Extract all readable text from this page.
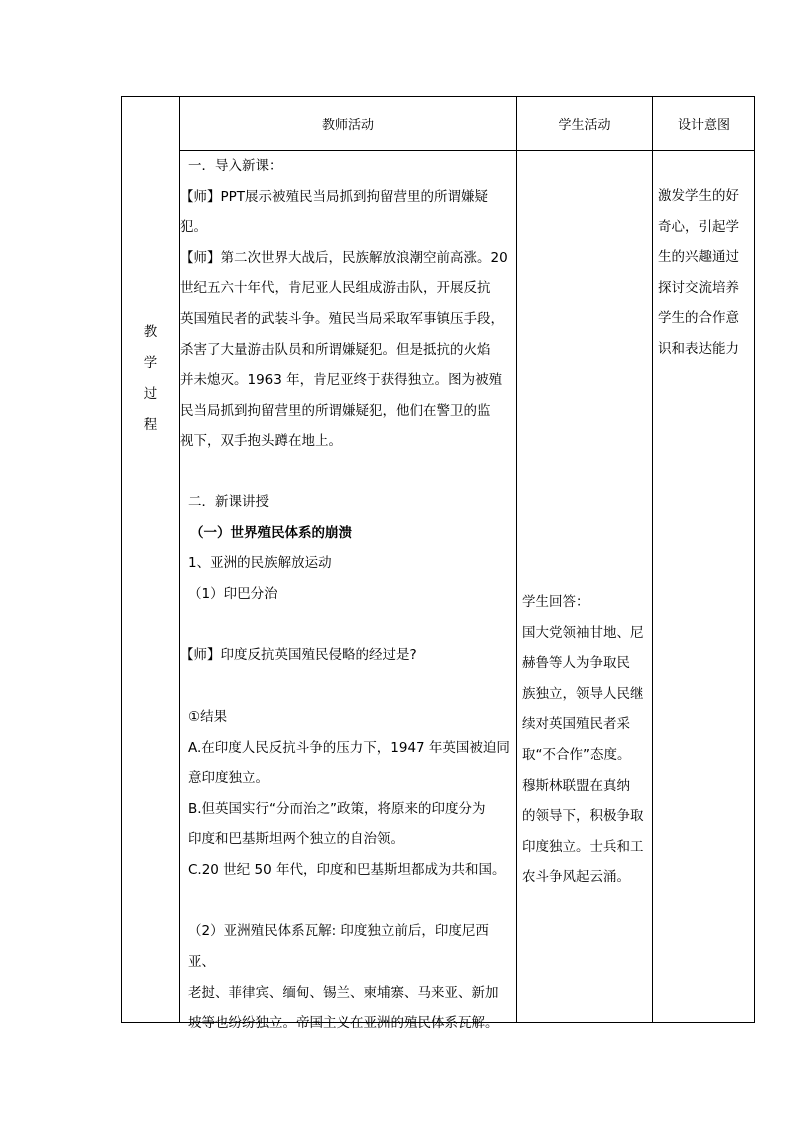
教师活动	学生活动	设计意图
教
学
过
程

一．导入新课：

【师】PPT展示被殖民当局抓到拘留营里的所谓嫌疑犯。

【师】第二次世界大战后，民族解放浪潮空前高涨。20

世纪五六十年代，肯尼亚人民组成游击队，开展反抗

英国殖民者的武装斗争。殖民当局采取军事镇压手段，

杀害了大量游击队员和所谓嫌疑犯。但是抵抗的火焰

并未熄灭。1963 年，肯尼亚终于获得独立。图为被殖

民当局抓到拘留营里的所谓嫌疑犯，他们在警卫的监

视下，双手抱头蹲在地上。

二．新课讲授

（一）世界殖民体系的崩溃

1、亚洲的民族解放运动

（1）印巴分治

【师】印度反抗英国殖民侵略的经过是?

①结果

A.在印度人民反抗斗争的压力下，1947 年英国被迫同

意印度独立。

B.但英国实行“分而治之”政策，将原来的印度分为

印度和巴基斯坦两个独立的自治领。

C.20 世纪 50 年代，印度和巴基斯坦都成为共和国。

（2）亚洲殖民体系瓦解: 印度独立前后，印度尼西亚、

老挝、菲律宾、缅甸、锡兰、柬埔寨、马来亚、新加

坡等也纷纷独立。帝国主义在亚洲的殖民体系瓦解。

学生回答：

国大党领袖甘地、尼

赫鲁等人为争取民

族独立，领导人民继

续对英国殖民者采

取“不合作”态度。

穆斯林联盟在真纳

的领导下，积极争取

印度独立。士兵和工

农斗争风起云涌。

激发学生的好

奇心，引起学

生的兴趣通过

探讨交流培养

学生的合作意

识和表达能力
